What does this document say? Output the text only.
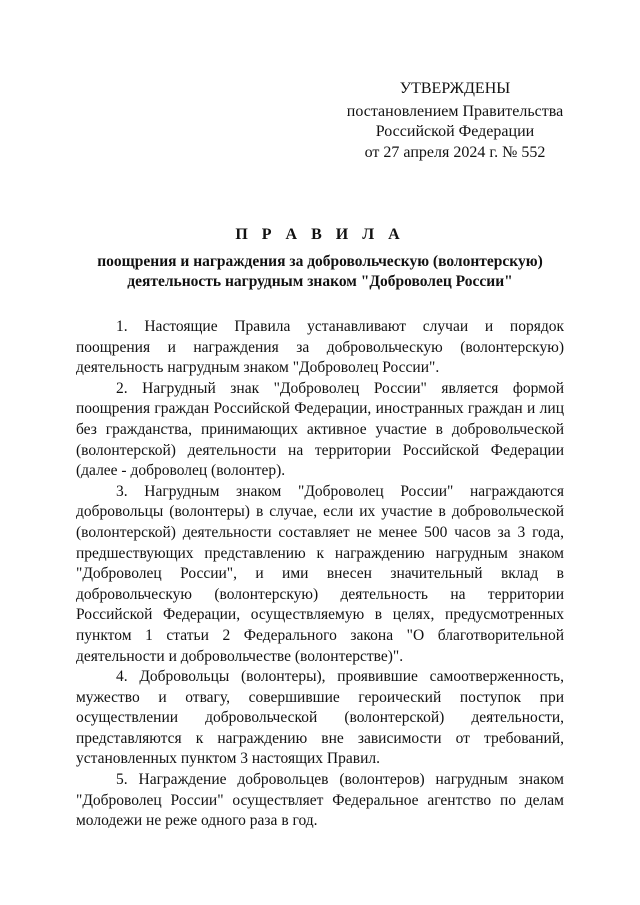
УТВЕРЖДЕНЫ
постановлением Правительства
Российской Федерации
от 27 апреля 2024 г. № 552
П Р А В И Л А
поощрения и награждения за добровольческую (волонтерскую) деятельность нагрудным знаком "Доброволец России"

1. Настоящие Правила устанавливают случаи и порядок поощрения и награждения за добровольческую (волонтерскую) деятельность нагрудным знаком "Доброволец России".

2. Нагрудный знак "Доброволец России" является формой поощрения граждан Российской Федерации, иностранных граждан и лиц без гражданства, принимающих активное участие в добровольческой (волонтерской) деятельности на территории Российской Федерации (далее - доброволец (волонтер).

3. Нагрудным знаком "Доброволец России" награждаются добровольцы (волонтеры) в случае, если их участие в добровольческой (волонтерской) деятельности составляет не менее 500 часов за 3 года, предшествующих представлению к награждению нагрудным знаком "Доброволец России", и ими внесен значительный вклад в добровольческую (волонтерскую) деятельность на территории Российской Федерации, осуществляемую в целях, предусмотренных пунктом 1 статьи 2 Федерального закона "О благотворительной деятельности и добровольчестве (волонтерстве)".

4. Добровольцы (волонтеры), проявившие самоотверженность, мужество и отвагу, совершившие героический поступок при осуществлении добровольческой (волонтерской) деятельности, представляются к награждению вне зависимости от требований, установленных пунктом 3 настоящих Правил.

5. Награждение добровольцев (волонтеров) нагрудным знаком "Доброволец России" осуществляет Федеральное агентство по делам молодежи не реже одного раза в год.
